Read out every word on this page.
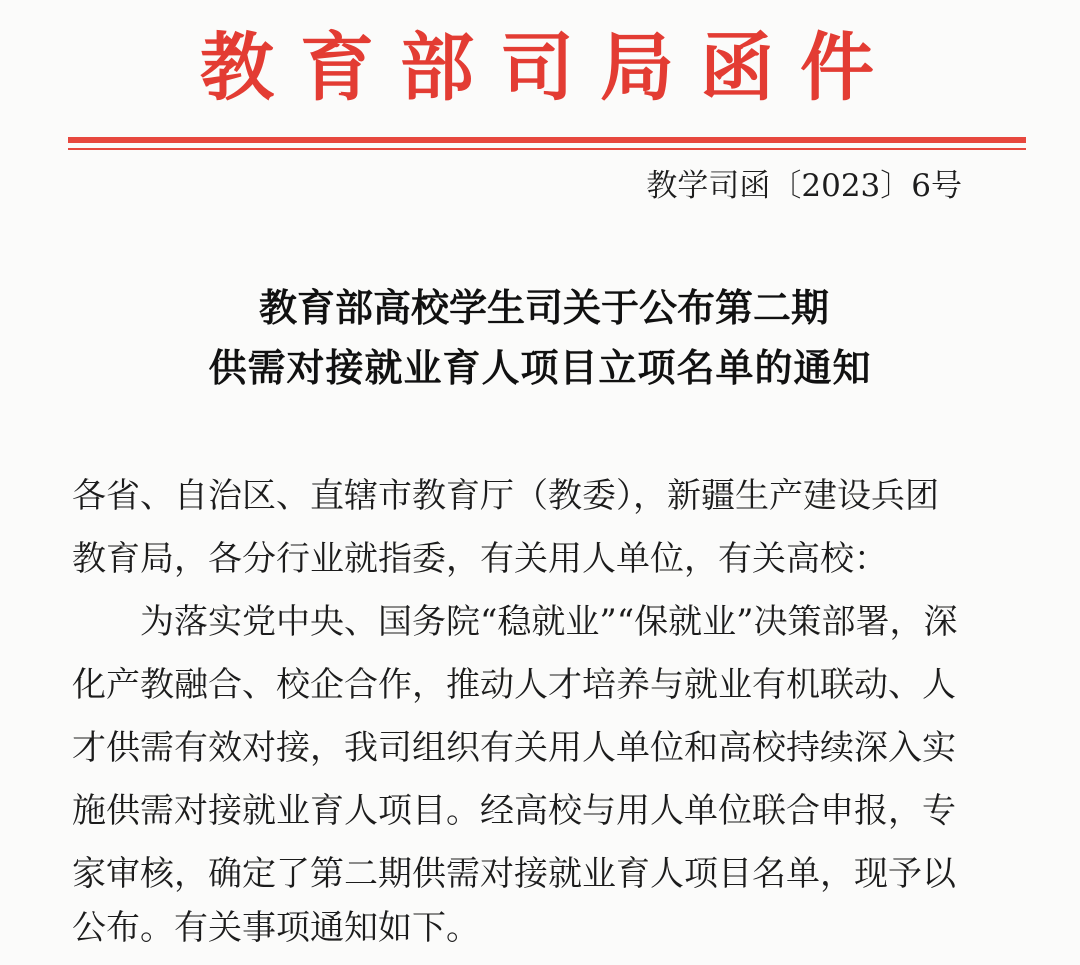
教育部司局函件
教学司函〔2023〕6号
教育部高校学生司关于公布第二期
供需对接就业育人项目立项名单的通知
各省、自治区、直辖市教育厅（教委），新疆生产建设兵团
教育局，各分行业就指委，有关用人单位，有关高校：
为落实党中央、国务院“稳就业”“保就业”决策部署，深
化产教融合、校企合作，推动人才培养与就业有机联动、人
才供需有效对接，我司组织有关用人单位和高校持续深入实
施供需对接就业育人项目。经高校与用人单位联合申报，专
家审核，确定了第二期供需对接就业育人项目名单，现予以
公布。有关事项通知如下。
